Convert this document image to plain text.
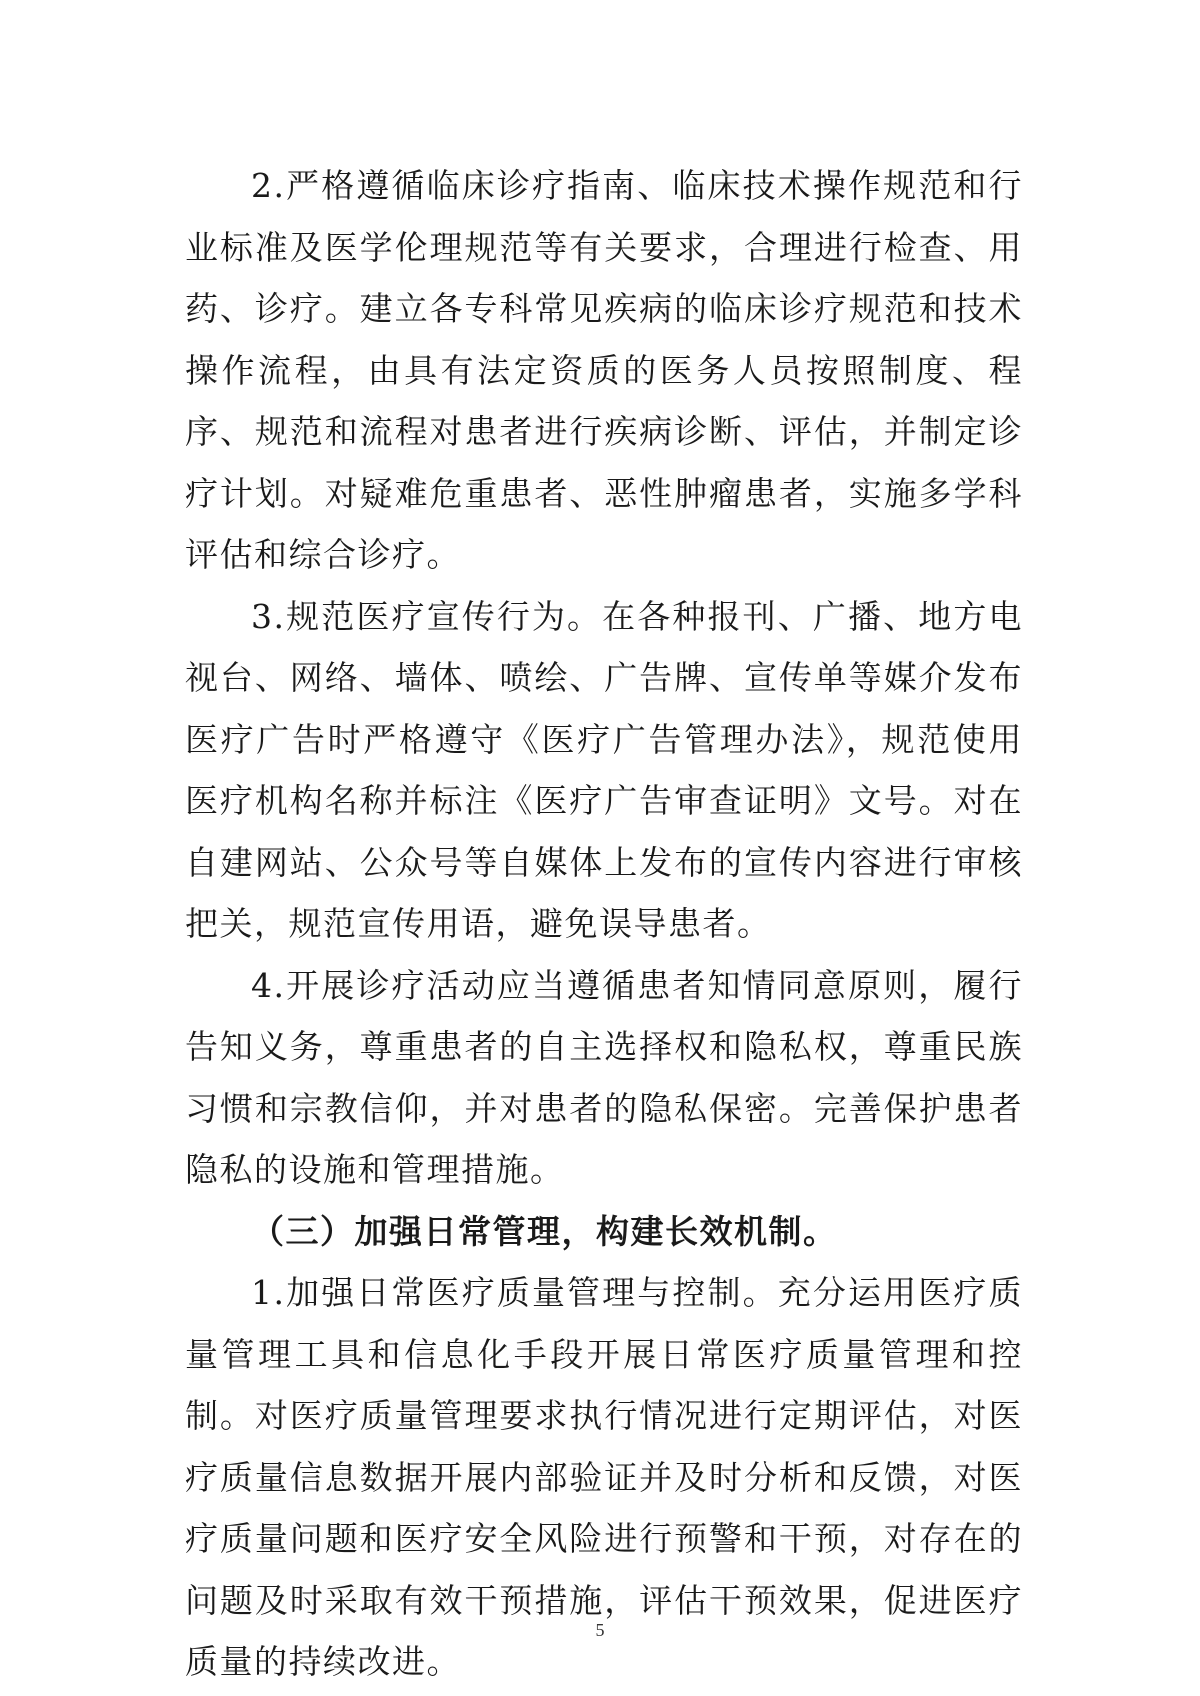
2.严格遵循临床诊疗指南、临床技术操作规范和行业标准及医学伦理规范等有关要求，合理进行检查、用药、诊疗。建立各专科常见疾病的临床诊疗规范和技术操作流程，由具有法定资质的医务人员按照制度、程序、规范和流程对患者进行疾病诊断、评估，并制定诊疗计划。对疑难危重患者、恶性肿瘤患者，实施多学科评估和综合诊疗。

3.规范医疗宣传行为。在各种报刊、广播、地方电视台、网络、墙体、喷绘、广告牌、宣传单等媒介发布医疗广告时严格遵守《医疗广告管理办法》，规范使用医疗机构名称并标注《医疗广告审查证明》文号。对在自建网站、公众号等自媒体上发布的宣传内容进行审核把关，规范宣传用语，避免误导患者。

4.开展诊疗活动应当遵循患者知情同意原则，履行告知义务，尊重患者的自主选择权和隐私权，尊重民族习惯和宗教信仰，并对患者的隐私保密。完善保护患者隐私的设施和管理措施。

（三）加强日常管理，构建长效机制。

1.加强日常医疗质量管理与控制。充分运用医疗质量管理工具和信息化手段开展日常医疗质量管理和控制。对医疗质量管理要求执行情况进行定期评估，对医疗质量信息数据开展内部验证并及时分析和反馈，对医疗质量问题和医疗安全风险进行预警和干预，对存在的问题及时采取有效干预措施，评估干预效果，促进医疗质量的持续改进。

5
